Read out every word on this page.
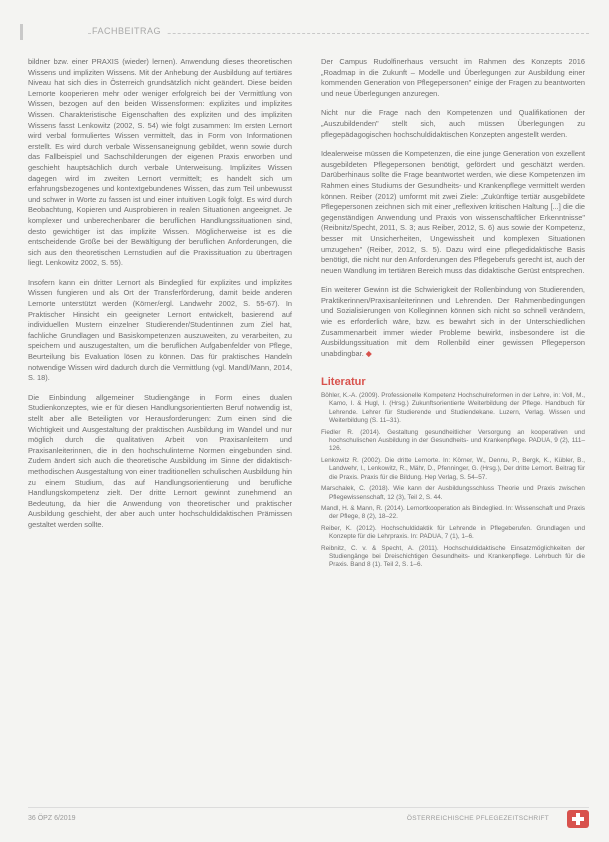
FACHBEITRAG

bildner bzw. einer PRAXIS (wieder) lernen). Anwendung dieses theoretischen Wissens und impliziten Wissens. Mit der Anhebung der Ausbildung auf tertiäres Niveau hat sich dies in Österreich grundsätzlich nicht geändert. Diese beiden Lernorte kooperieren mehr oder weniger erfolgreich bei der Vermittlung von Wissen, bezogen auf den beiden Wissensformen: explizites und implizites Wissen. Charakteristische Eigenschaften des expliziten und des impliziten Wissens fasst Lenkowitz (2002, S. 54) wie folgt zusammen: Im ersten Lernort wird verbal formuliertes Wissen vermittelt, das in Form von Informationen erstellt. Es wird durch verbale Wissensaneignung gebildet, wenn sowie durch das Fallbeispiel und Sachschilderungen der eigenen Praxis erworben und geschieht hauptsächlich durch verbale Unterweisung. Implizites Wissen dagegen wird im zweiten Lernort vermittelt; es handelt sich um erfahrungsbezogenes und kontextgebundenes Wissen, das zum Teil unbewusst und schwer in Worte zu fassen ist und einer intuitiven Logik folgt. Es wird durch Beobachtung, Kopieren und Ausprobieren in realen Situationen angeeignet. Je komplexer und unberechenbarer die beruflichen Handlungssituationen sind, desto gewichtiger ist das implizite Wissen. Möglicherweise ist es die entscheidende Größe bei der Bewältigung der beruflichen Anforderungen, die sich aus den theoretischen Lernstudien auf die Praxissituation zu übertragen liegt. Lenkowitz 2002, S. 55).

Insofern kann ein dritter Lernort als Bindeglied für explizites und implizites Wissen fungieren und als Ort der Transferförderung, damit beide anderen Lernorte unterstützt werden (Körner/ergl. Landwehr 2002, S. 55-67). In Praktischer Hinsicht ein geeigneter Lernort entwickelt, basierend auf individuellen Mustern einzelner Studierender/Studentinnen zum Ziel hat, fachliche Grundlagen und Basiskompetenzen auszuweiten, zu verarbeiten, zu speichern und auszugestalten, um die beruflichen Aufgabenfelder von Pflege, Beurteilung bis Evaluation lösen zu können. Das für praktisches Handeln notwendige Wissen wird dadurch durch die Vermittlung (vgl. Mandl/Mann, 2014, S. 18).

Die Einbindung allgemeiner Studiengänge in Form eines dualen Studienkonzeptes, wie er für diesen Handlungsorientierten Beruf notwendig ist, stellt aber alle Beteiligten vor Herausforderungen: Zum einen sind die Wichtigkeit und Ausgestaltung der praktischen Ausbildung im Wandel und nur möglich durch die qualitativen Arbeit von Praxisanleitern und Praxisanleiterinnen, die in den hochschulinterne Normen eingebunden sind. Zudem ändert sich auch die theoretische Ausbildung im Sinne der didaktisch-methodischen Ausgestaltung von einer traditionellen schulischen Ausbildung hin zu einem Studium, das auf Handlungsorientierung und berufliche Handlungskompetenz zielt. Der dritte Lernort gewinnt zunehmend an Bedeutung, da hier die Anwendung von theoretischer und praktischer Ausbildung geschieht, der aber auch unter hochschuldidaktischen Prämissen gestaltet werden sollte.

Der Campus Rudolfinerhaus versucht im Rahmen des Konzepts 2016 „Roadmap in die Zukunft – Modelle und Überlegungen zur Ausbildung einer kommenden Generation von Pflegepersonen" einige der Fragen zu beantworten und neue Überlegungen anzuregen.

Nicht nur die Frage nach den Kompetenzen und Qualifikationen der „Auszubildenden" stellt sich, auch müssen Überlegungen zu pflegepädagogischen hochschuldidaktischen Konzepten angestellt werden.

Idealerweise müssen die Kompetenzen, die eine junge Generation von exzellent ausgebildeten Pflegepersonen benötigt, gefördert und geschätzt werden. Darüberhinaus sollte die Frage beantwortet werden, wie diese Kompetenzen im Rahmen eines Studiums der Gesundheits- und Krankenpflege vermittelt werden können. Reiber (2012) umformt mit zwei Ziele: „Zukünftige tertiär ausgebildete Pflegepersonen zeichnen sich mit einer „reflexiven kritischen Haltung [...] die die gegenständigen Anwendung und Praxis von wissenschaftlicher Erkenntnisse" (Reibnitz/Specht, 2011, S. 3; aus Reiber, 2012, S. 6) aus sowie der Kompetenz, besser mit Unsicherheiten, Ungewissheit und komplexen Situationen umzugehen" (Reiber, 2012, S. 5). Dazu wird eine pflegedidaktische Basis benötigt, die nicht nur den Anforderungen des Pflegeberufs gerecht ist, auch der neuen Wandlung im tertiären Bereich muss das didaktische Gerüst entsprechen.

Ein weiterer Gewinn ist die Schwierigkeit der Rollenbindung von Studierenden, Praktikerinnen/Praxisanleiterinnen und Lehrenden. Der Rahmenbedingungen und Sozialisierungen von Kolleginnen können sich nicht so schnell verändern, wie es erforderlich wäre, bzw. es bewahrt sich in der Unterschiedlichen Zusammenarbeit immer wieder Probleme bewirkt, insbesondere ist die Ausbildungssituation mit dem Rollenbild einer gewissen Pflegeperson unabdingbar. ◆

Literatur
Böhler, K.-A. (2009). Professionelle Kompetenz Hochschulreformen in der Lehre, in: Voll, M., Kamo, I. & Hugl, I. (Hrsg.) Zukunftsorientierte Weiterbildung der Pflege. Handbuch für Lehrende. Lehrer für Studierende und Studiendekane. Luzern, Verlag. Wissen und Weiterbildung (S. 11–31).
Fiedler R. (2014). Gestaltung gesundheitlicher Versorgung an kooperativen und hochschulischen Ausbildung in der Gesundheits- und Krankenpflege. PADUA, 9 (2), 111–126.
Lenkowitz R. (2002). Die dritte Lernorte. In: Körner, W., Dennu, P., Bergk, K., Kübler, B., Landwehr, I., Lenkowitz, R., Mähr, D., Pfenninger, G. (Hrsg.), Der dritte Lernort. Beitrag für die Praxis. Praxis für die Bildung. Hep Verlag, S. 54–57.
Marschalek, C. (2018). Wie kann der Ausbildungsschluss Theorie und Praxis zwischen Pflegewissenschaft, 12 (3), Teil 2, S. 44.
Mandl, H. & Mann, R. (2014). Lernortkooperation als Bindeglied. In: Wissenschaft und Praxis der Pflege, 8 (2), 18–22.
Reiber, K. (2012). Hochschuldidaktik für Lehrende in Pflegeberufen. Grundlagen und Konzepte für die Lehrpraxis. In: PADUA, 7 (1), 1–6.
Reibnitz, C. v. & Specht, A. (2011). Hochschuldidaktische Einsatzmöglichkeiten der Studiengänge bei Dreischichtigen Gesundheits- und Krankenpflege. Lehrbuch für die Praxis. Band 8 (1). Teil 2, S. 1–6.
36 ÖPZ 6/2019	ÖSTERREICHISCHE PFLEGEZEITSCHRIFT
